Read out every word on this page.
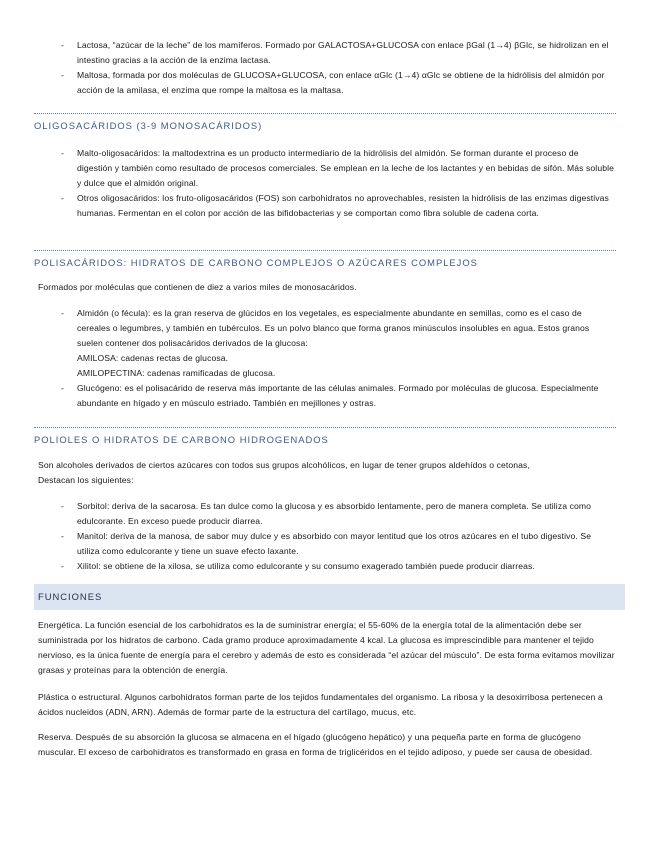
- Lactosa, “azúcar de la leche” de los mamíferos. Formado por GALACTOSA+GLUCOSA con enlace βGal (1→4) βGlc, se hidrolizan en el intestino gracias a la acción de la enzima lactasa.
- Maltosa, formada por dos moléculas de GLUCOSA+GLUCOSA, con enlace αGlc (1→4) αGlc se obtiene de la hidrólisis del almidón por acción de la amilasa, el enzima que rompe la maltosa es la maltasa.
OLIGOSACÁRIDOS (3-9 MONOSACÁRIDOS)
- Malto-oligosacáridos: la maltodextrina es un producto intermediario de la hidrólisis del almidón. Se forman durante el proceso de digestión y también como resultado de procesos comerciales. Se emplean en la leche de los lactantes y en bebidas de sifón. Más soluble y dulce que el almidón original.
- Otros oligosacáridos: los fruto-oligosacáridos (FOS) son carbohidratos no aprovechables, resisten la hidrólisis de las enzimas digestivas humanas. Fermentan en el colon por acción de las bifidobacterias y se comportan como fibra soluble de cadena corta.
POLISACÁRIDOS: HIDRATOS DE CARBONO COMPLEJOS O AZÚCARES COMPLEJOS
Formados por moléculas que contienen de diez a varios miles de monosacáridos.
- Almidón (o fécula): es la gran reserva de glúcidos en los vegetales, es especialmente abundante en semillas, como es el caso de cereales o legumbres, y también en tubérculos. Es un polvo blanco que forma granos minúsculos insolubles en agua. Estos granos suelen contener dos polisacáridos derivados de la glucosa:
AMILOSA: cadenas rectas de glucosa.
AMILOPECTINA: cadenas ramificadas de glucosa.
- Glucógeno: es el polisacárido de reserva más importante de las células animales. Formado por moléculas de glucosa. Especialmente abundante en hígado y en músculo estriado. También en mejillones y ostras.
POLIOLES O HIDRATOS DE CARBONO HIDROGENADOS
Son alcoholes derivados de ciertos azúcares con todos sus grupos alcohólicos, en lugar de tener grupos aldehídos o cetonas,
Destacan los siguientes:
- Sorbitol: deriva de la sacarosa. Es tan dulce como la glucosa y es absorbido lentamente, pero de manera completa. Se utiliza como edulcorante. En exceso puede producir diarrea.
- Manitol: deriva de la manosa, de sabor muy dulce y es absorbido con mayor lentitud que los otros azúcares en el tubo digestivo. Se utiliza como edulcorante y tiene un suave efecto laxante.
- Xilitol: se obtiene de la xilosa, se utiliza como edulcorante y su consumo exagerado también puede producir diarreas.
FUNCIONES
Energética. La función esencial de los carbohidratos es la de suministrar energía; el 55-60% de la energía total de la alimentación debe ser suministrada por los hidratos de carbono. Cada gramo produce aproximadamente 4 kcal. La glucosa es imprescindible para mantener el tejido nervioso, es la única fuente de energía para el cerebro y además de esto es considerada “el azúcar del músculo”. De esta forma evitamos movilizar grasas y proteínas para la obtención de energía.
Plástica o estructural. Algunos carbohidratos forman parte de los tejidos fundamentales del organismo. La ribosa y la desoxirribosa pertenecen a ácidos nucleidos (ADN, ARN). Además de formar parte de la estructura del cartílago, mucus, etc.
Reserva. Después de su absorción la glucosa se almacena en el hígado (glucógeno hepático) y una pequeña parte en forma de glucógeno muscular. El exceso de carbohidratos es transformado en grasa en forma de triglicéridos en el tejido adiposo, y puede ser causa de obesidad.
